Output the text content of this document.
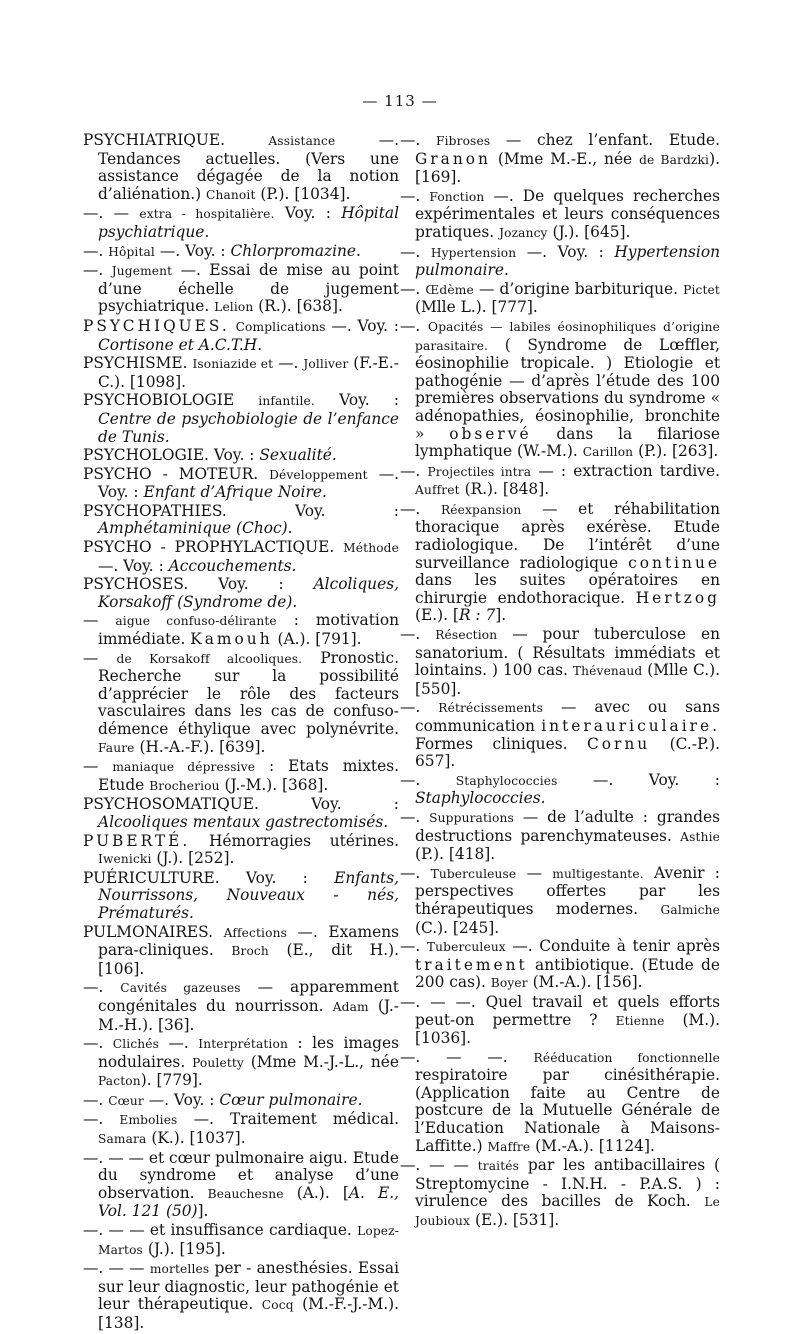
— 113 —

PSYCHIATRIQUE. Assistance —. Tendances actuelles. (Vers une assistance dégagée de la notion d’aliénation.) Chanoit (P.). [1034].

—. — extra - hospitalière. Voy. : Hôpital psychiatrique.

—. Hôpital —. Voy. : Chlorpromazine.

—. Jugement —. Essai de mise au point d’une échelle de jugement psychiatrique. Lelion (R.). [638].

PSYCHIQUES. Complications —. Voy. : Cortisone et A.C.T.H.

PSYCHISME. Isoniazide et —. Jolliver (F.-E.-C.). [1098].

PSYCHOBIOLOGIE infantile. Voy. : Centre de psychobiologie de l’enfance de Tunis.

PSYCHOLOGIE. Voy. : Sexualité.

PSYCHO - MOTEUR. Développement —. Voy. : Enfant d’Afrique Noire.

PSYCHOPATHIES. Voy. : Amphétaminique (Choc).

PSYCHO - PROPHYLACTIQUE. Méthode —. Voy. : Accouchements.

PSYCHOSES. Voy. : Alcoliques, Korsakoff (Syndrome de).

— aigue confuso-délirante : motivation immédiate. Kamouh (A.). [791].

— de Korsakoff alcooliques. Pronostic. Recherche sur la possibilité d’apprécier le rôle des facteurs vasculaires dans les cas de confuso-démence éthylique avec polynévrite. Faure (H.-A.-F.). [639].

— maniaque dépressive : Etats mixtes. Etude Brocheriou (J.-M.). [368].

PSYCHOSOMATIQUE. Voy. : Alcooliques mentaux gastrectomisés.

PUBERTÉ. Hémorragies utérines. Iwenicki (J.). [252].

PUÉRICULTURE. Voy. : Enfants, Nourrissons, Nouveaux - nés, Prématurés.

PULMONAIRES. Affections —. Examens para-cliniques. Broch (E., dit H.). [106].

—. Cavités gazeuses — apparemment congénitales du nourrisson. Adam (J.-M.-H.). [36].

—. Clichés —. Interprétation : les images nodulaires. Pouletty (Mme M.-J.-L., née Pacton). [779].

—. Cœur —. Voy. : Cœur pulmonaire.

—. Embolies —. Traitement médical. Samara (K.). [1037].

—. — — et cœur pulmonaire aigu. Etude du syndrome et analyse d’une observation. Beauchesne (A.). [A. E., Vol. 121 (50)].

—. — — et insuffisance cardiaque. Lopez-Martos (J.). [195].

—. — — mortelles per - anesthésies. Essai sur leur diagnostic, leur pathogénie et leur thérapeutique. Cocq (M.-F.-J.-M.). [138].

—. Fibroses — chez l’enfant. Etude. Granon (Mme M.-E., née de Bardzki). [169].

—. Fonction —. De quelques recherches expérimentales et leurs conséquences pratiques. Jozancy (J.). [645].

—. Hypertension —. Voy. : Hypertension pulmonaire.

—. Œdème — d’origine barbiturique. Pictet (Mlle L.). [777].

—. Opacités — labiles éosinophiliques d’origine parasitaire. ( Syndrome de Lœffler, éosinophilie tropicale. ) Etiologie et pathogénie — d’après l’étude des 100 premières observations du syndrome « adénopathies, éosinophilie, bronchite » observé dans la filariose lymphatique (W.-M.). Carillon (P.). [263].

—. Projectiles intra — : extraction tardive. Auffret (R.). [848].

—. Réexpansion — et réhabilitation thoracique après exérèse. Etude radiologique. De l’intérêt d’une surveillance radiologique continue dans les suites opératoires en chirurgie endothoracique. Hertzog (E.). [R : 7].

—. Résection — pour tuberculose en sanatorium. ( Résultats immédiats et lointains. ) 100 cas. Thévenaud (Mlle C.). [550].

—. Rétrécissements — avec ou sans communication interauriculaire. Formes cliniques. Cornu (C.-P.). 657].

—. Staphylococcies —. Voy. : Staphylococcies.

—. Suppurations — de l’adulte : grandes destructions parenchymateuses. Asthie (P.). [418].

—. Tuberculeuse — multigestante. Avenir : perspectives offertes par les thérapeutiques modernes. Galmiche (C.). [245].

—. Tuberculeux —. Conduite à tenir après traitement antibiotique. (Etude de 200 cas). Boyer (M.-A.). [156].

—. — —. Quel travail et quels efforts peut-on permettre ? Etienne (M.). [1036].

—. — —. Rééducation fonctionnelle respiratoire par cinésithérapie. (Application faite au Centre de postcure de la Mutuelle Générale de l’Education Nationale à Maisons-Laffitte.) Maffre (M.-A.). [1124].

—. — — traités par les antibacillaires ( Streptomycine - I.N.H. - P.A.S. ) : virulence des bacilles de Koch. Le Joubioux (E.). [531].
